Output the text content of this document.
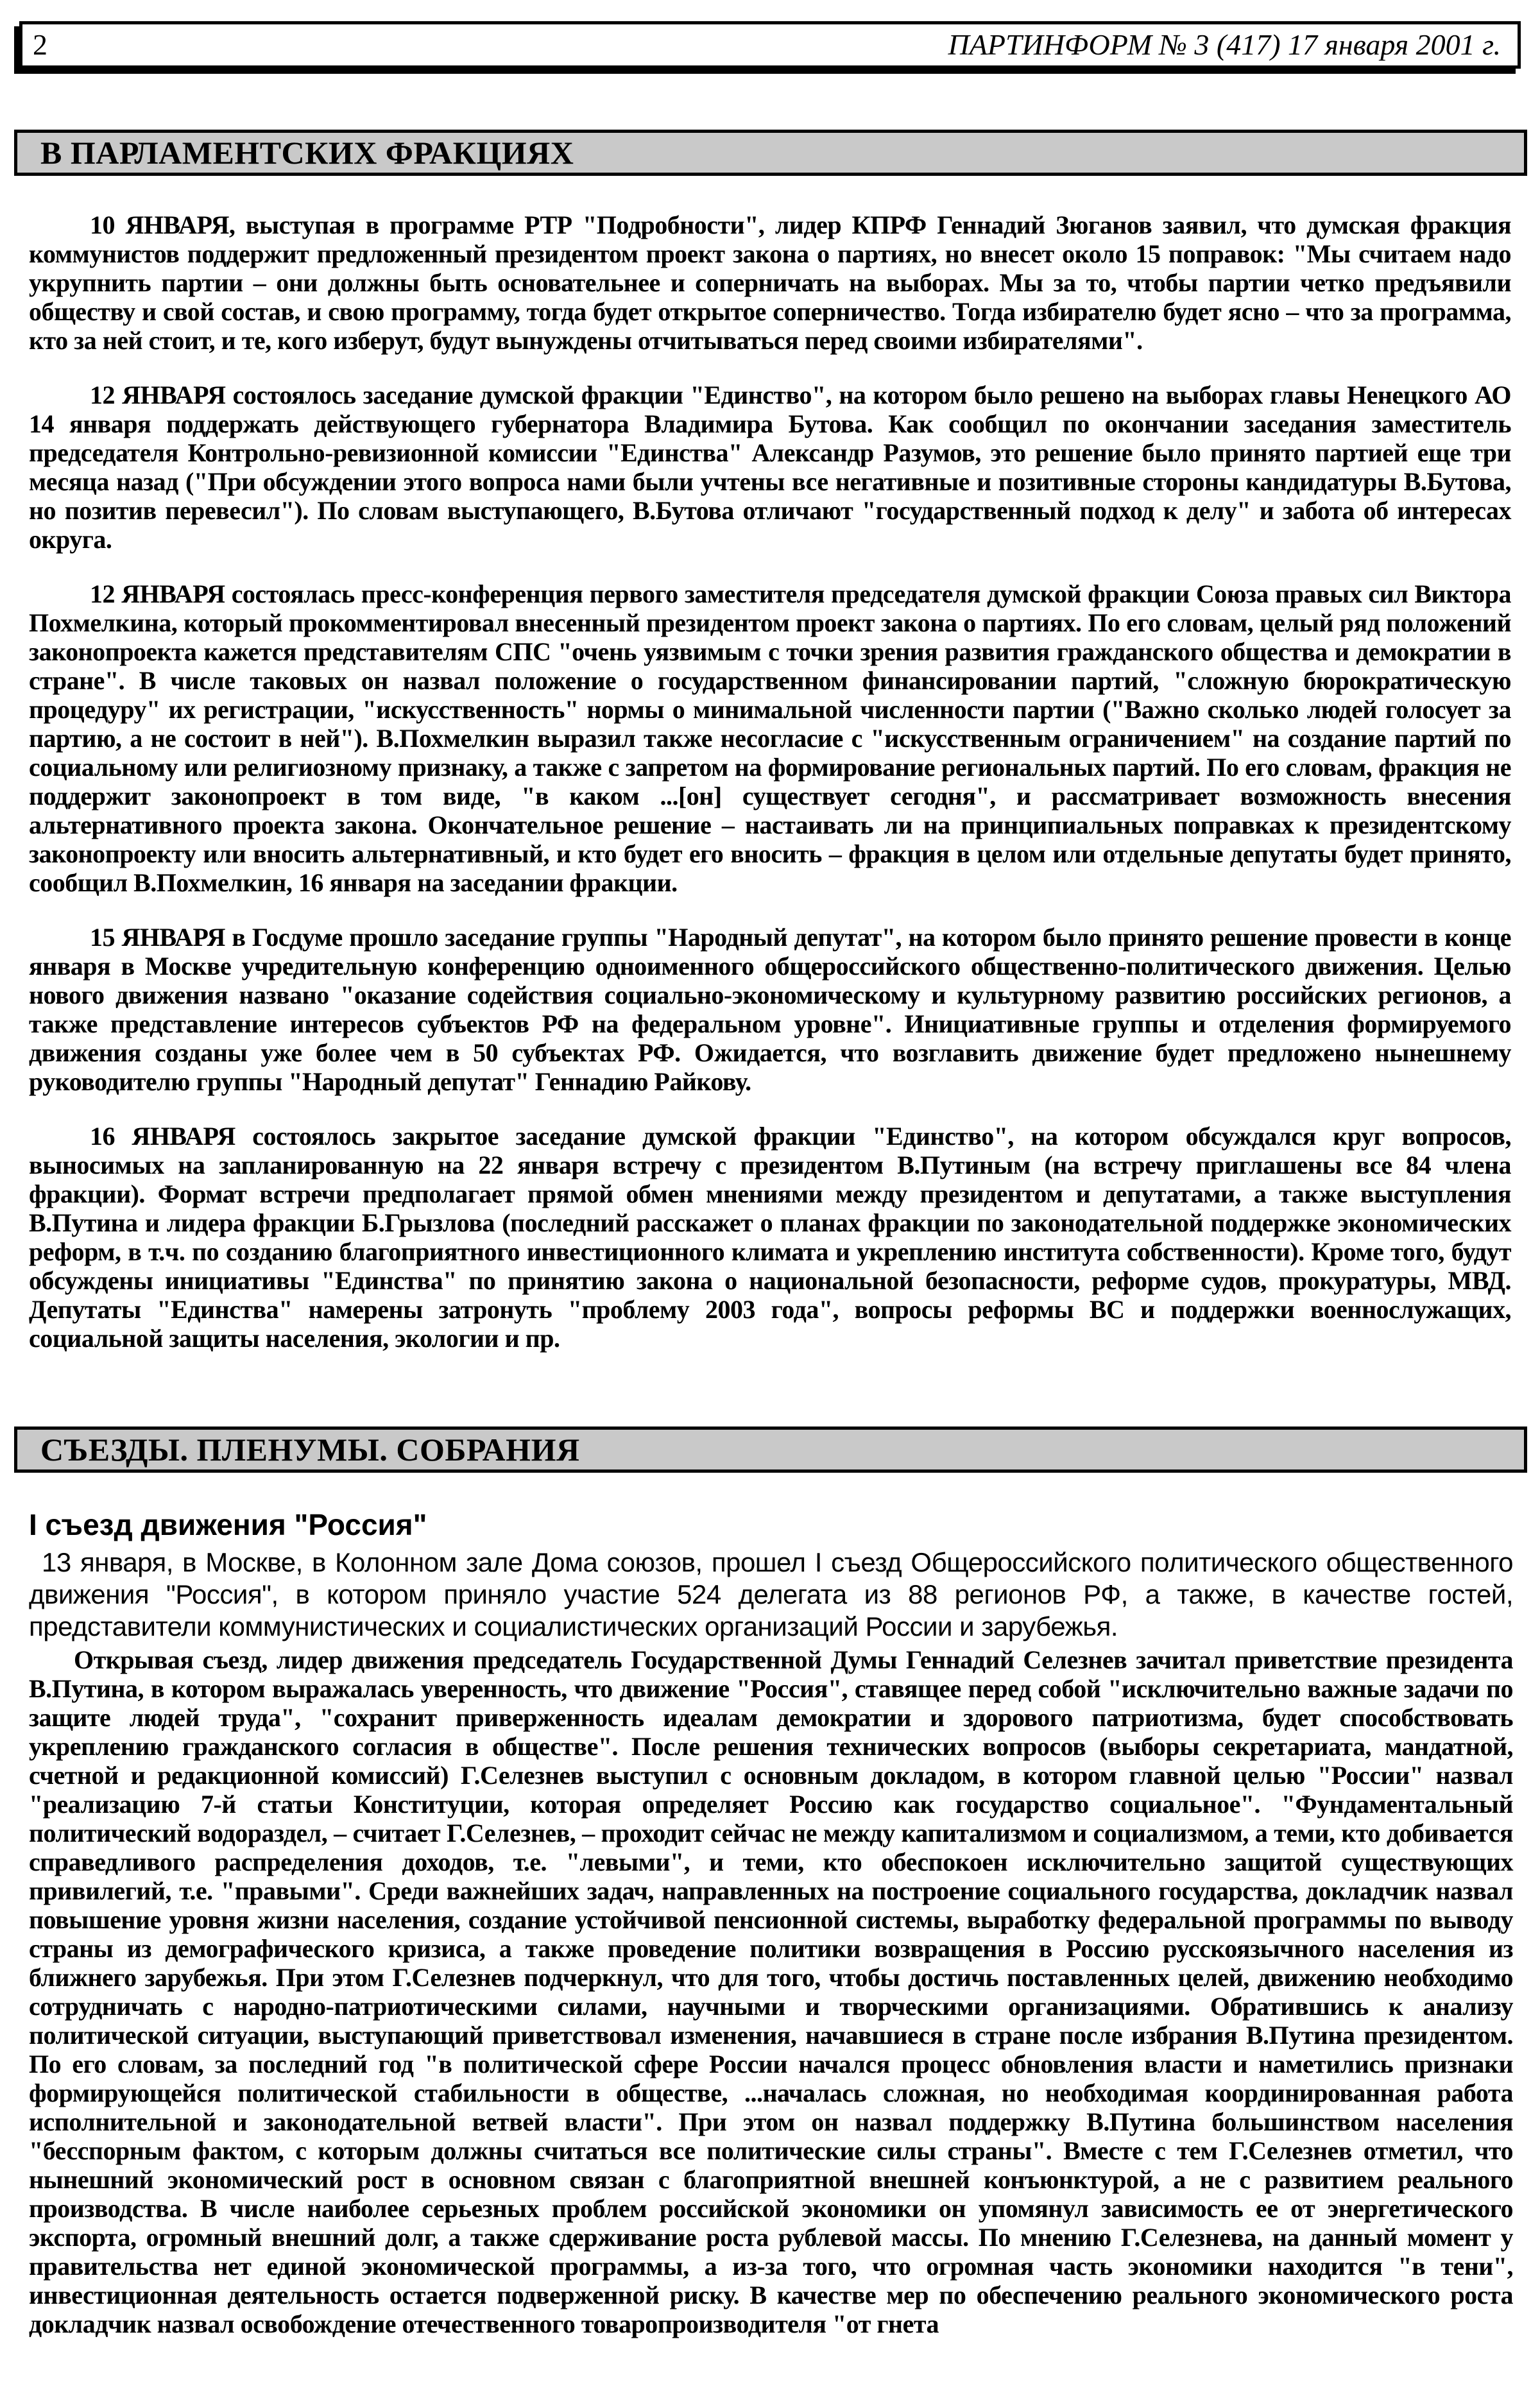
2	ПАРТИНФОРМ № 3 (417) 17 января 2001 г.
В ПАРЛАМЕНТСКИХ ФРАКЦИЯХ

10 ЯНВАРЯ, выступая в программе РТР "Подробности", лидер КПРФ Геннадий Зюганов заявил, что думская фракция коммунистов поддержит предложенный президентом проект закона о партиях, но внесет около 15 поправок: "Мы считаем надо укрупнить партии – они должны быть основательнее и соперничать на выборах. Мы за то, чтобы партии четко предъявили обществу и свой состав, и свою программу, тогда будет открытое соперничество. Тогда избирателю будет ясно – что за программа, кто за ней стоит, и те, кого изберут, будут вынуждены отчитываться перед своими избирателями".

12 ЯНВАРЯ состоялось заседание думской фракции "Единство", на котором было решено на выборах главы Ненецкого АО 14 января поддержать действующего губернатора Владимира Бутова. Как сообщил по окончании заседания заместитель председателя Контрольно-ревизионной комиссии "Единства" Александр Разумов, это решение было принято партией еще три месяца назад ("При обсуждении этого вопроса нами были учтены все негативные и позитивные стороны кандидатуры В.Бутова, но позитив перевесил"). По словам выступающего, В.Бутова отличают "государственный подход к делу" и забота об интересах округа.

12 ЯНВАРЯ состоялась пресс-конференция первого заместителя председателя думской фракции Союза правых сил Виктора Похмелкина, который прокомментировал внесенный президентом проект закона о партиях. По его словам, целый ряд положений законопроекта кажется представителям СПС "очень уязвимым с точки зрения развития гражданского общества и демократии в стране". В числе таковых он назвал положение о государственном финансировании партий, "сложную бюрократическую процедуру" их регистрации, "искусственность" нормы о минимальной численности партии ("Важно сколько людей голосует за партию, а не состоит в ней"). В.Похмелкин выразил также несогласие с "искусственным ограничением" на создание партий по социальному или религиозному признаку, а также с запретом на формирование региональных партий. По его словам, фракция не поддержит законопроект в том виде, "в каком ...[он] существует сегодня", и рассматривает возможность внесения альтернативного проекта закона. Окончательное решение – настаивать ли на принципиальных поправках к президентскому законопроекту или вносить альтернативный, и кто будет его вносить – фракция в целом или отдельные депутаты будет принято, сообщил В.Похмелкин, 16 января на заседании фракции.

15 ЯНВАРЯ в Госдуме прошло заседание группы "Народный депутат", на котором было принято решение провести в конце января в Москве учредительную конференцию одноименного общероссийского общественно-политического движения. Целью нового движения названо "оказание содействия социально-экономическому и культурному развитию российских регионов, а также представление интересов субъектов РФ на федеральном уровне". Инициативные группы и отделения формируемого движения созданы уже более чем в 50 субъектах РФ. Ожидается, что возглавить движение будет предложено нынешнему руководителю группы "Народный депутат" Геннадию Райкову.

16 ЯНВАРЯ состоялось закрытое заседание думской фракции "Единство", на котором обсуждался круг вопросов, выносимых на запланированную на 22 января встречу с президентом В.Путиным (на встречу приглашены все 84 члена фракции). Формат встречи предполагает прямой обмен мнениями между президентом и депутатами, а также выступления В.Путина и лидера фракции Б.Грызлова (последний расскажет о планах фракции по законодательной поддержке экономических реформ, в т.ч. по созданию благоприятного инвестиционного климата и укреплению института собственности). Кроме того, будут обсуждены инициативы "Единства" по принятию закона о национальной безопасности, реформе судов, прокуратуры, МВД. Депутаты "Единства" намерены затронуть "проблему 2003 года", вопросы реформы ВС и поддержки военнослужащих, социальной защиты населения, экологии и пр.

СЪЕЗДЫ. ПЛЕНУМЫ. СОБРАНИЯ
I съезд движения "Россия"

13 января, в Москве, в Колонном зале Дома союзов, прошел I съезд Общероссийского политического общественного движения "Россия", в котором приняло участие 524 делегата из 88 регионов РФ, а также, в качестве гостей, представители коммунистических и социалистических организаций России и зарубежья.

Открывая съезд, лидер движения председатель Государственной Думы Геннадий Селезнев зачитал приветствие президента В.Путина, в котором выражалась уверенность, что движение "Россия", ставящее перед собой "исключительно важные задачи по защите людей труда", "сохранит приверженность идеалам демократии и здорового патриотизма, будет способствовать укреплению гражданского согласия в обществе". После решения технических вопросов (выборы секретариата, мандатной, счетной и редакционной комиссий) Г.Селезнев выступил с основным докладом, в котором главной целью "России" назвал "реализацию 7-й статьи Конституции, которая определяет Россию как государство социальное". "Фундаментальный политический водораздел, – считает Г.Селезнев, – проходит сейчас не между капитализмом и социализмом, а теми, кто добивается справедливого распределения доходов, т.е. "левыми", и теми, кто обеспокоен исключительно защитой существующих привилегий, т.е. "правыми". Среди важнейших задач, направленных на построение социального государства, докладчик назвал повышение уровня жизни населения, создание устойчивой пенсионной системы, выработку федеральной программы по выводу страны из демографического кризиса, а также проведение политики возвращения в Россию русскоязычного населения из ближнего зарубежья. При этом Г.Селезнев подчеркнул, что для того, чтобы достичь поставленных целей, движению необходимо сотрудничать с народно-патриотическими силами, научными и творческими организациями. Обратившись к анализу политической ситуации, выступающий приветствовал изменения, начавшиеся в стране после избрания В.Путина президентом. По его словам, за последний год "в политической сфере России начался процесс обновления власти и наметились признаки формирующейся политической стабильности в обществе, ...началась сложная, но необходимая координированная работа исполнительной и законодательной ветвей власти". При этом он назвал поддержку В.Путина большинством населения "бесспорным фактом, с которым должны считаться все политические силы страны". Вместе с тем Г.Селезнев отметил, что нынешний экономический рост в основном связан с благоприятной внешней конъюнктурой, а не с развитием реального производства. В числе наиболее серьезных проблем российской экономики он упомянул зависимость ее от энергетического экспорта, огромный внешний долг, а также сдерживание роста рублевой массы. По мнению Г.Селезнева, на данный момент у правительства нет единой экономической программы, а из-за того, что огромная часть экономики находится "в тени", инвестиционная деятельность остается подверженной риску. В качестве мер по обеспечению реального экономического роста докладчик назвал освобождение отечественного товаропроизводителя "от гнета
